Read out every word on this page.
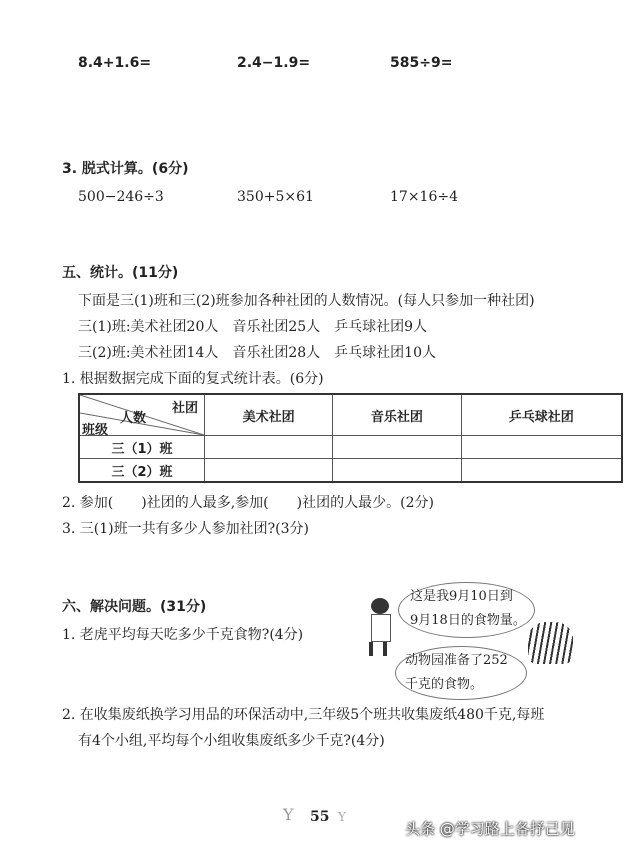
8.4+1.6=	2.4−1.9=	585÷9=
3. 脱式计算。(6分)
500−246÷3	350+5×61	17×16÷4
五、统计。(11分)
下面是三(1)班和三(2)班参加各种社团的人数情况。(每人只参加一种社团)
三(1)班:美术社团20人　音乐社团25人　乒乓球社团9人
三(2)班:美术社团14人　音乐社团28人　乒乓球社团10人
1. 根据数据完成下面的复式统计表。(6分)
社团
人数
班级	美术社团	音乐社团	乒乓球社团
三（1）班			
三（2）班			
2. 参加(　　)社团的人最多,参加(　　)社团的人最少。(2分)
3. 三(1)班一共有多少人参加社团?(3分)
六、解决问题。(31分)
1. 老虎平均每天吃多少千克食物?(4分)
这是我9月10日到
9月18日的食物量。
动物园准备了252
千克的食物。
2. 在收集废纸换学习用品的环保活动中,三年级5个班共收集废纸480千克,每班
有4个小组,平均每个小组收集废纸多少千克?(4分)
Y 55 Y
头条 @学习路上各抒己见
